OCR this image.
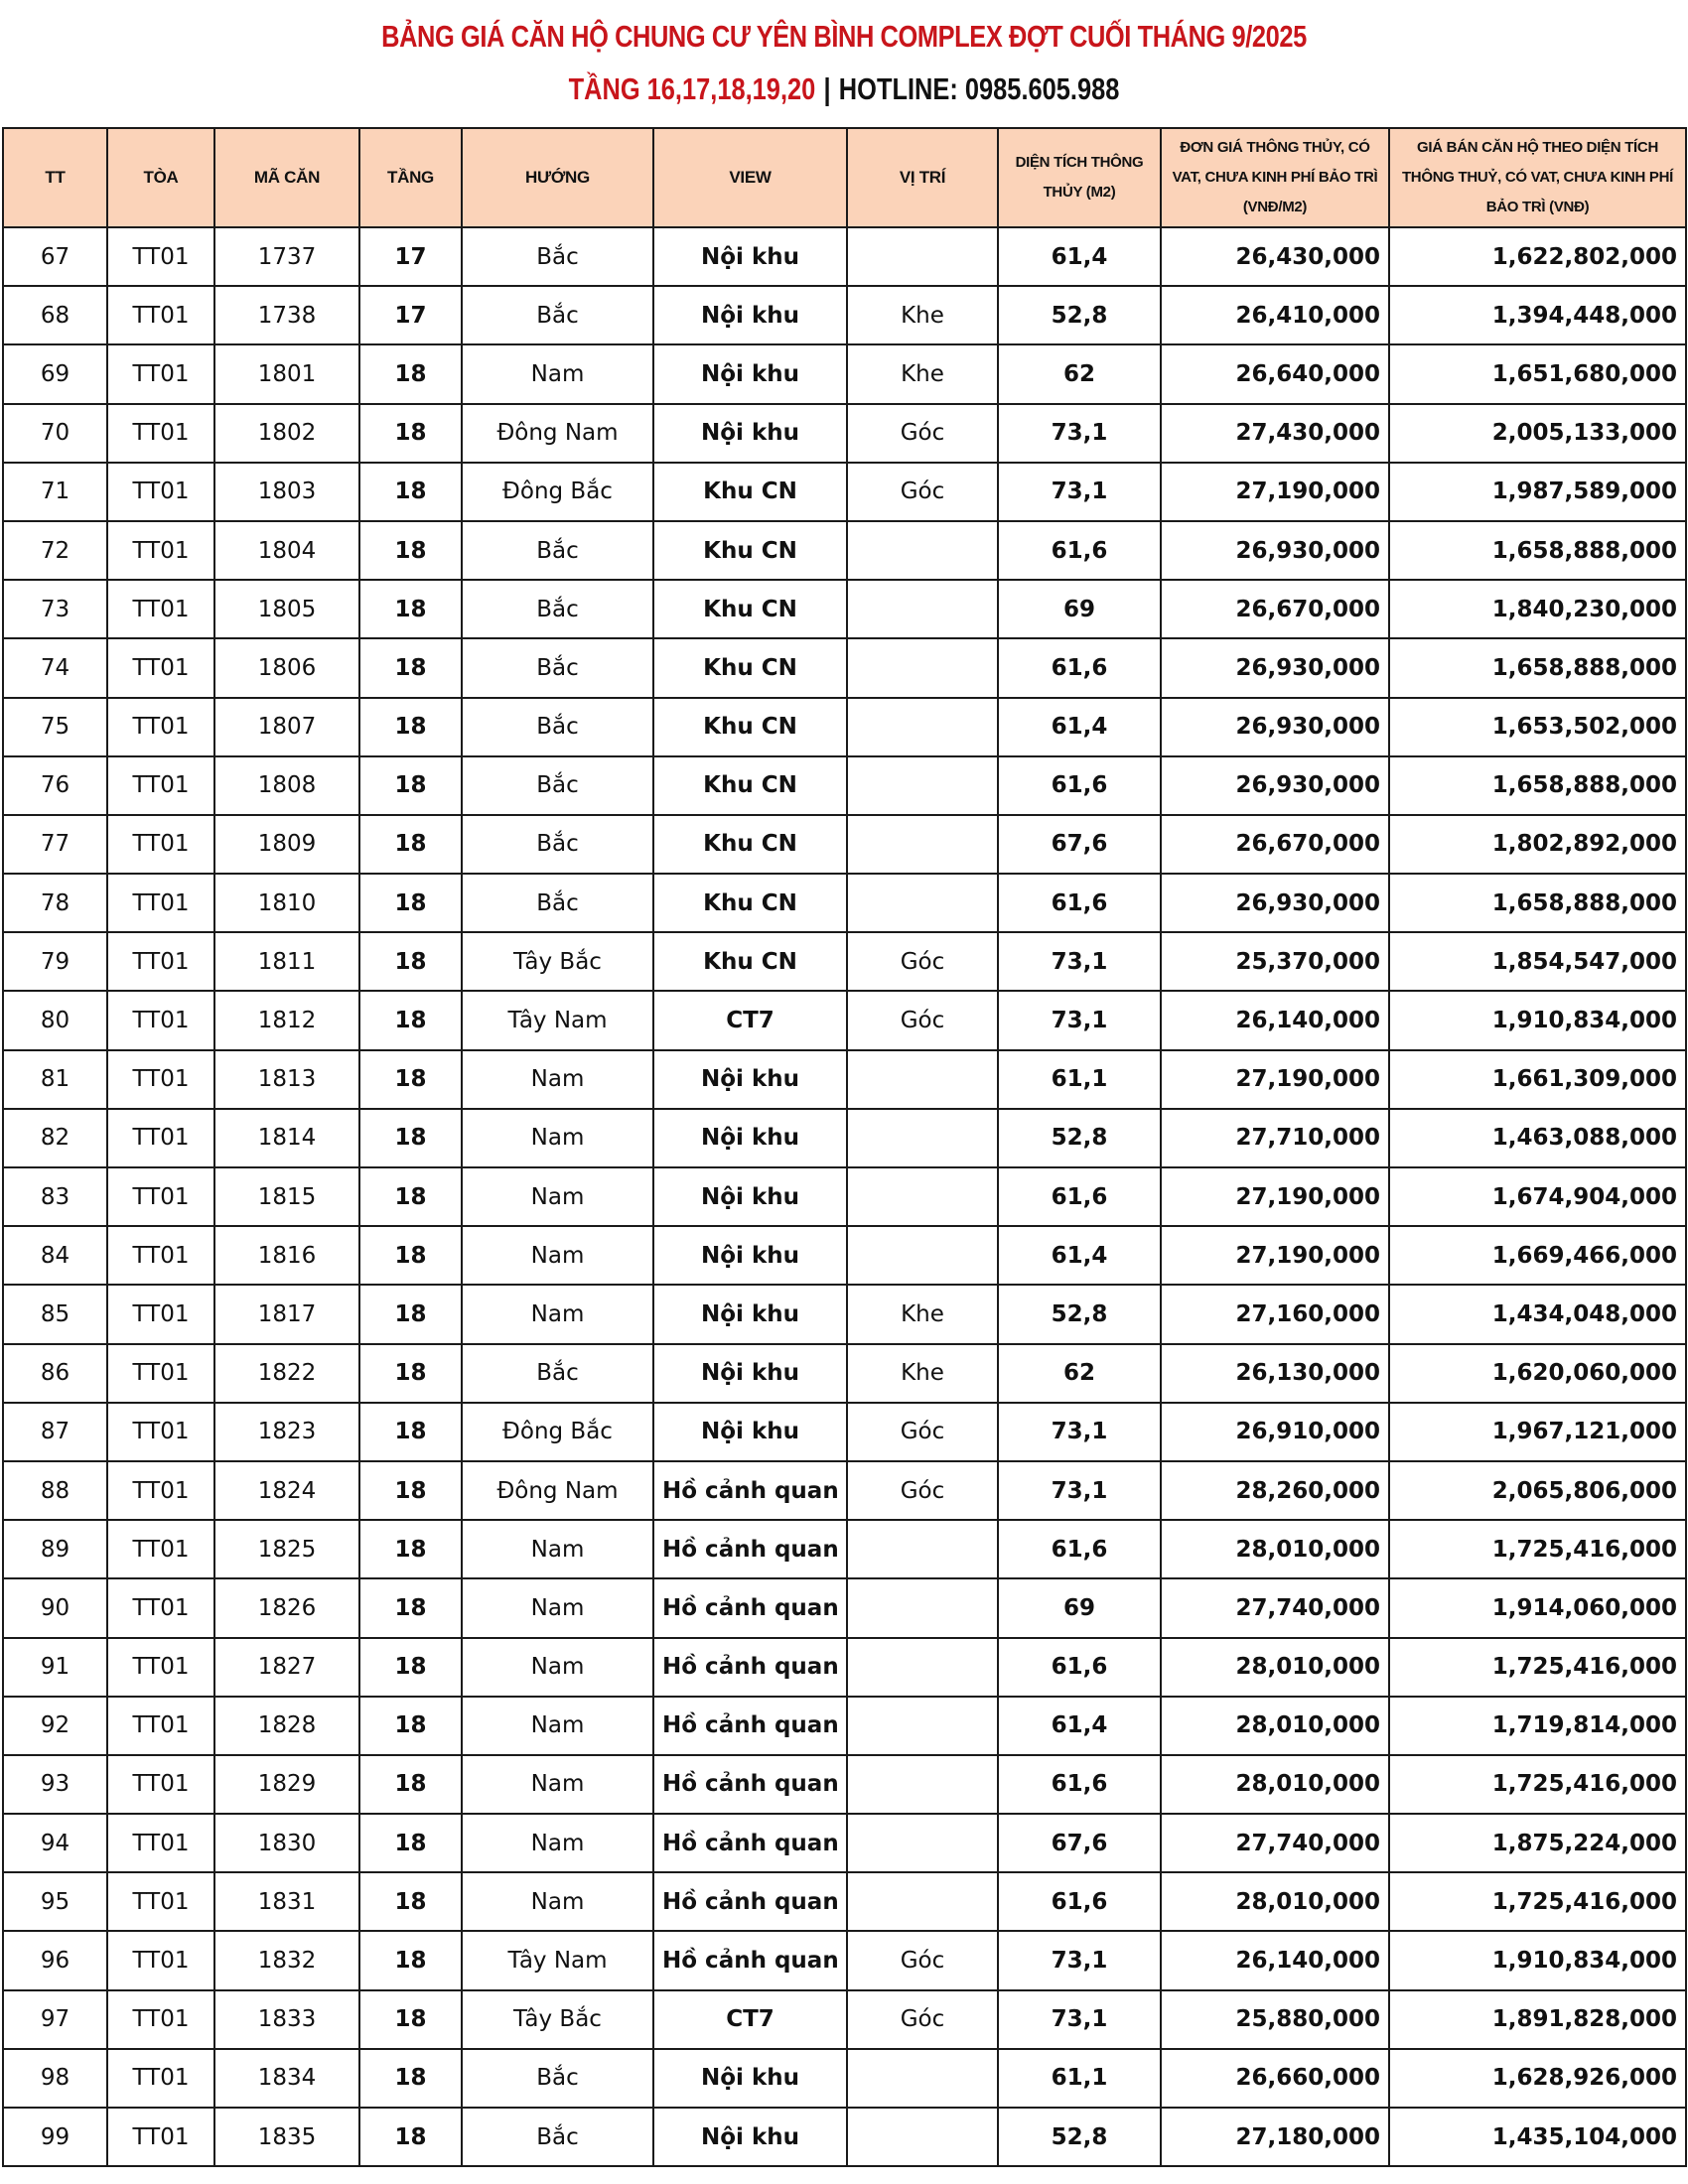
BẢNG GIÁ CĂN HỘ CHUNG CƯ YÊN BÌNH COMPLEX ĐỢT CUỐI THÁNG 9/2025
TẦNG 16,17,18,19,20 | HOTLINE: 0985.605.988
TT	TÒA	MÃ CĂN	TẦNG	HƯỚNG	VIEW	VỊ TRÍ	DIỆN TÍCH THÔNG THỦY (M2)	ĐƠN GIÁ THÔNG THỦY, CÓ VAT, CHƯA KINH PHÍ BẢO TRÌ (VNĐ/M2)	GIÁ BÁN CĂN HỘ THEO DIỆN TÍCH THÔNG THUỶ, CÓ VAT, CHƯA KINH PHÍ BẢO TRÌ (VNĐ)
67	TT01	1737	17	Bắc	Nội khu		61,4	26,430,000	1,622,802,000
68	TT01	1738	17	Bắc	Nội khu	Khe	52,8	26,410,000	1,394,448,000
69	TT01	1801	18	Nam	Nội khu	Khe	62	26,640,000	1,651,680,000
70	TT01	1802	18	Đông Nam	Nội khu	Góc	73,1	27,430,000	2,005,133,000
71	TT01	1803	18	Đông Bắc	Khu CN	Góc	73,1	27,190,000	1,987,589,000
72	TT01	1804	18	Bắc	Khu CN		61,6	26,930,000	1,658,888,000
73	TT01	1805	18	Bắc	Khu CN		69	26,670,000	1,840,230,000
74	TT01	1806	18	Bắc	Khu CN		61,6	26,930,000	1,658,888,000
75	TT01	1807	18	Bắc	Khu CN		61,4	26,930,000	1,653,502,000
76	TT01	1808	18	Bắc	Khu CN		61,6	26,930,000	1,658,888,000
77	TT01	1809	18	Bắc	Khu CN		67,6	26,670,000	1,802,892,000
78	TT01	1810	18	Bắc	Khu CN		61,6	26,930,000	1,658,888,000
79	TT01	1811	18	Tây Bắc	Khu CN	Góc	73,1	25,370,000	1,854,547,000
80	TT01	1812	18	Tây Nam	CT7	Góc	73,1	26,140,000	1,910,834,000
81	TT01	1813	18	Nam	Nội khu		61,1	27,190,000	1,661,309,000
82	TT01	1814	18	Nam	Nội khu		52,8	27,710,000	1,463,088,000
83	TT01	1815	18	Nam	Nội khu		61,6	27,190,000	1,674,904,000
84	TT01	1816	18	Nam	Nội khu		61,4	27,190,000	1,669,466,000
85	TT01	1817	18	Nam	Nội khu	Khe	52,8	27,160,000	1,434,048,000
86	TT01	1822	18	Bắc	Nội khu	Khe	62	26,130,000	1,620,060,000
87	TT01	1823	18	Đông Bắc	Nội khu	Góc	73,1	26,910,000	1,967,121,000
88	TT01	1824	18	Đông Nam	Hồ cảnh quan	Góc	73,1	28,260,000	2,065,806,000
89	TT01	1825	18	Nam	Hồ cảnh quan		61,6	28,010,000	1,725,416,000
90	TT01	1826	18	Nam	Hồ cảnh quan		69	27,740,000	1,914,060,000
91	TT01	1827	18	Nam	Hồ cảnh quan		61,6	28,010,000	1,725,416,000
92	TT01	1828	18	Nam	Hồ cảnh quan		61,4	28,010,000	1,719,814,000
93	TT01	1829	18	Nam	Hồ cảnh quan		61,6	28,010,000	1,725,416,000
94	TT01	1830	18	Nam	Hồ cảnh quan		67,6	27,740,000	1,875,224,000
95	TT01	1831	18	Nam	Hồ cảnh quan		61,6	28,010,000	1,725,416,000
96	TT01	1832	18	Tây Nam	Hồ cảnh quan	Góc	73,1	26,140,000	1,910,834,000
97	TT01	1833	18	Tây Bắc	CT7	Góc	73,1	25,880,000	1,891,828,000
98	TT01	1834	18	Bắc	Nội khu		61,1	26,660,000	1,628,926,000
99	TT01	1835	18	Bắc	Nội khu		52,8	27,180,000	1,435,104,000
